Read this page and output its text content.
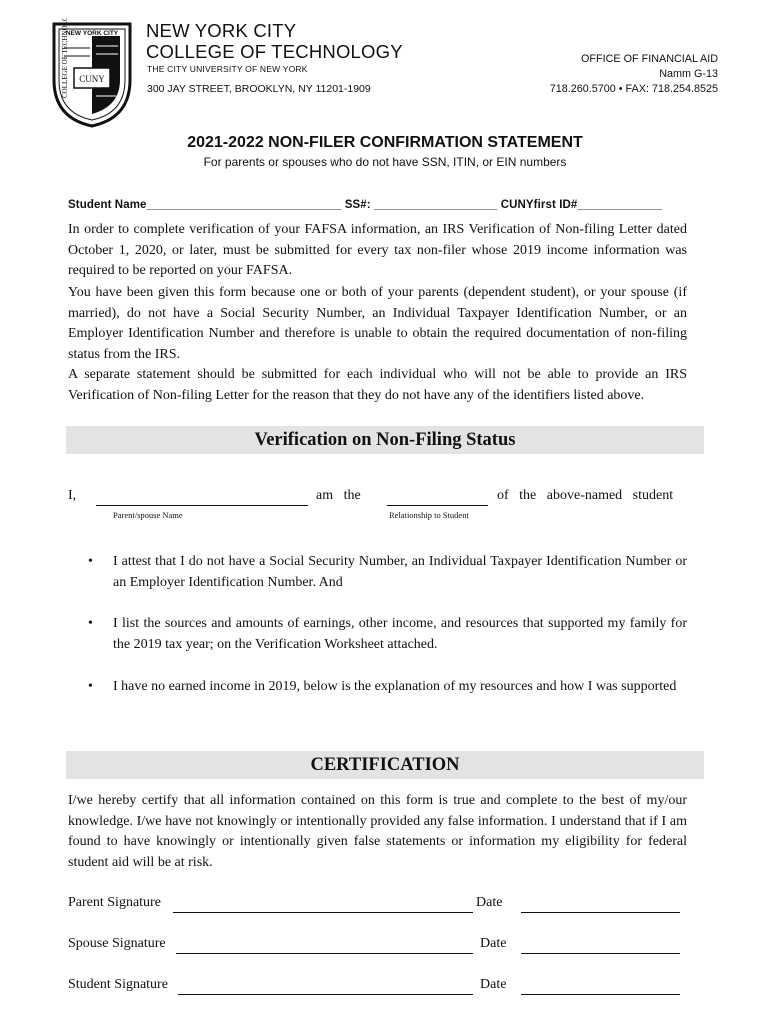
CUNY
NEW YORK CITY
COLLEGE OF TECHNOLOGY	NEW YORK CITY
COLLEGE OF TECHNOLOGY
THE CITY UNIVERSITY OF NEW YORK
300 JAY STREET, BROOKLYN, NY 11201-1909
OFFICE OF FINANCIAL AID
Namm G-13
718.260.5700 • FAX: 718.254.8525
2021-2022 NON-FILER CONFIRMATION STATEMENT
For parents or spouses who do not have SSN, ITIN, or EIN numbers
Student Name______________________________ SS#: ___________________ CUNYfirst ID#_____________
In order to complete verification of your FAFSA information, an IRS Verification of Non-filing Letter dated October 1, 2020, or later, must be submitted for every tax non-filer whose 2019 income information was required to be reported on your FAFSA.
You have been given this form because one or both of your parents (dependent student), or your spouse (if married), do not have a Social Security Number, an Individual Taxpayer Identification Number, or an Employer Identification Number and therefore is unable to obtain the required documentation of non-filing status from the IRS.
A separate statement should be submitted for each individual who will not be able to provide an IRS Verification of Non-filing Letter for the reason that they do not have any of the identifiers listed above.
Verification on Non-Filing Status
I,	am   the	of   the   above-named   student
Parent/spouse Name	Relationship to Student
• I attest that I do not have a Social Security Number, an Individual Taxpayer Identification Number or an Employer Identification Number. And
• I list the sources and amounts of earnings, other income, and resources that supported my family for the 2019 tax year; on the Verification Worksheet attached.
• I have no earned income in 2019, below is the explanation of my resources and how I was supported
CERTIFICATION
I/we hereby certify that all information contained on this form is true and complete to the best of my/our knowledge. I/we have not knowingly or intentionally provided any false information. I understand that if I am found to have knowingly or intentionally given false statements or information my eligibility for federal student aid will be at risk.
Parent Signature	Date
Spouse Signature	Date
Student Signature	Date
